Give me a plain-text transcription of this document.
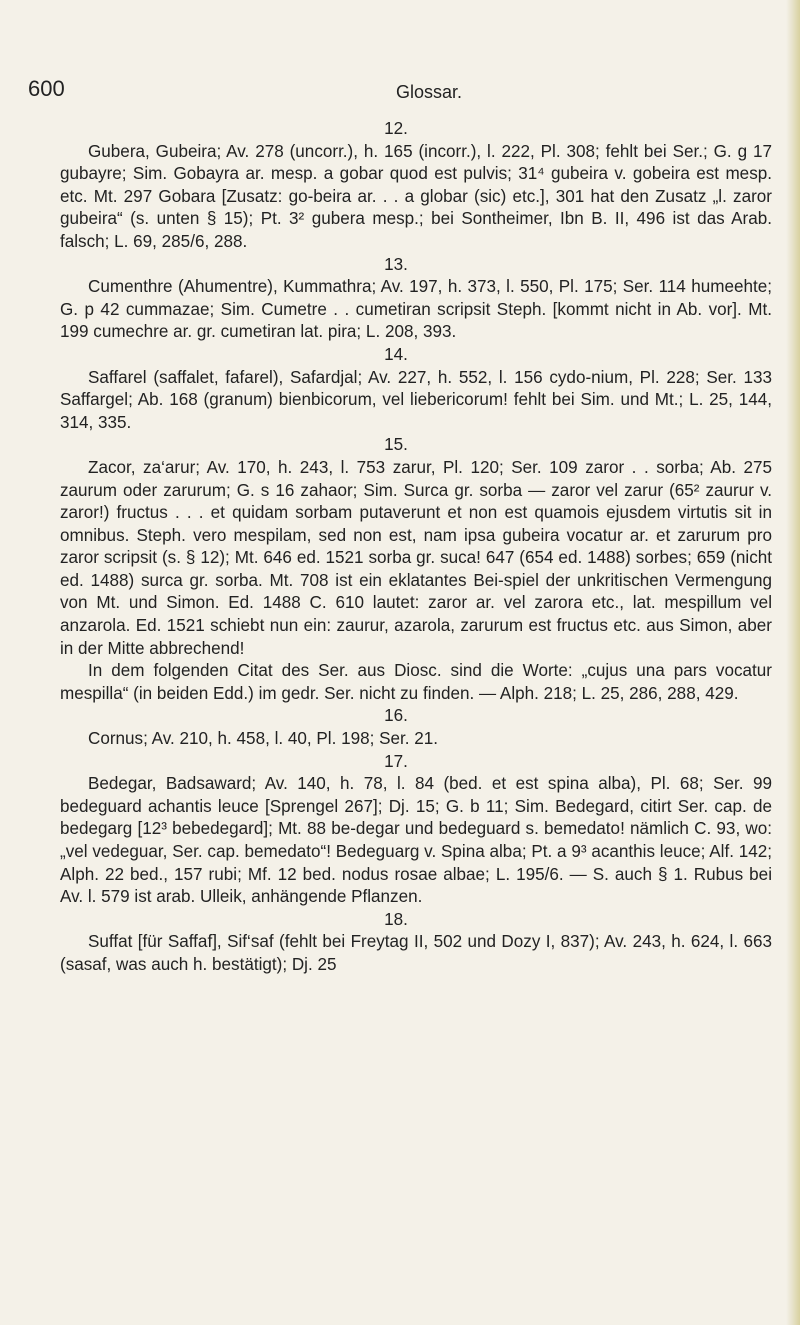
600	Glossar.

12.

Gubera, Gubeira; Av. 278 (uncorr.), h. 165 (incorr.), l. 222, Pl. 308; fehlt bei Ser.; G. g 17 gubayre; Sim. Gobayra ar. mesp. a gobar quod est pulvis; 31⁴ gubeira v. gobeira est mesp. etc. Mt. 297 Gobara [Zusatz: go-beira ar. . . a globar (sic) etc.], 301 hat den Zusatz „l. zaror gubeira“ (s. unten § 15); Pt. 3² gubera mesp.; bei Sontheimer, Ibn B. II, 496 ist das Arab. falsch; L. 69, 285/6, 288.

13.

Cumenthre (Ahumentre), Kummathra; Av. 197, h. 373, l. 550, Pl. 175; Ser. 114 humeehte; G. p 42 cummazae; Sim. Cumetre . . cumetiran scripsit Steph. [kommt nicht in Ab. vor]. Mt. 199 cumechre ar. gr. cumetiran lat. pira; L. 208, 393.

14.

Saffarel (saffalet, fafarel), Safardjal; Av. 227, h. 552, l. 156 cydo-nium, Pl. 228; Ser. 133 Saffargel; Ab. 168 (granum) bienbicorum, vel liebericorum! fehlt bei Sim. und Mt.; L. 25, 144, 314, 335.

15.

Zacor, za‘arur; Av. 170, h. 243, l. 753 zarur, Pl. 120; Ser. 109 zaror . . sorba; Ab. 275 zaurum oder zarurum; G. s 16 zahaor; Sim. Surca gr. sorba — zaror vel zarur (65² zaurur v. zaror!) fructus . . . et quidam sorbam putaverunt et non est quamois ejusdem virtutis sit in omnibus. Steph. vero mespilam, sed non est, nam ipsa gubeira vocatur ar. et zarurum pro zaror scripsit (s. § 12); Mt. 646 ed. 1521 sorba gr. suca! 647 (654 ed. 1488) sorbes; 659 (nicht ed. 1488) surca gr. sorba. Mt. 708 ist ein eklatantes Bei-spiel der unkritischen Vermengung von Mt. und Simon. Ed. 1488 C. 610 lautet: zaror ar. vel zarora etc., lat. mespillum vel anzarola. Ed. 1521 schiebt nun ein: zaurur, azarola, zarurum est fructus etc. aus Simon, aber in der Mitte abbrechend!

In dem folgenden Citat des Ser. aus Diosc. sind die Worte: „cujus una pars vocatur mespilla“ (in beiden Edd.) im gedr. Ser. nicht zu finden. — Alph. 218; L. 25, 286, 288, 429.

16.

Cornus; Av. 210, h. 458, l. 40, Pl. 198; Ser. 21.

17.

Bedegar, Badsaward; Av. 140, h. 78, l. 84 (bed. et est spina alba), Pl. 68; Ser. 99 bedeguard achantis leuce [Sprengel 267]; Dj. 15; G. b 11; Sim. Bedegard, citirt Ser. cap. de bedegarg [12³ bebedegard]; Mt. 88 be-degar und bedeguard s. bemedato! nämlich C. 93, wo: „vel vedeguar, Ser. cap. bemedato“! Bedeguarg v. Spina alba; Pt. a 9³ acanthis leuce; Alf. 142; Alph. 22 bed., 157 rubi; Mf. 12 bed. nodus rosae albae; L. 195/6. — S. auch § 1. Rubus bei Av. l. 579 ist arab. Ulleik, anhängende Pflanzen.

18.

Suffat [für Saffaf], Sif‘saf (fehlt bei Freytag II, 502 und Dozy I, 837); Av. 243, h. 624, l. 663 (sasaf, was auch h. bestätigt); Dj. 25
